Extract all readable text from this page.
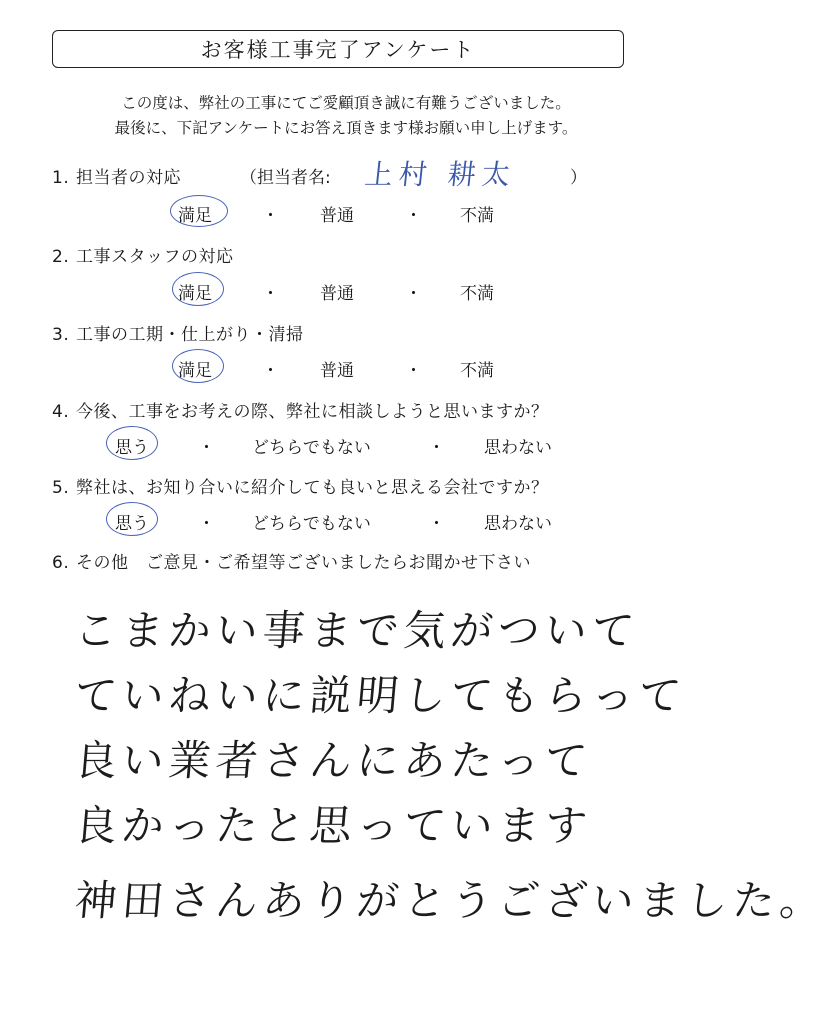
お客様工事完了アンケート
この度は、弊社の工事にてご愛顧頂き誠に有難うございました。
最後に、下記アンケートにお答え頂きます様お願い申し上げます。
1. 担当者の対応	（担当者名: 上村 耕太	）
満足	・ 普通	・ 不満
2. 工事スタッフの対応
満足	・ 普通	・ 不満
3. 工事の工期・仕上がり・清掃
満足	・ 普通	・ 不満
4. 今後、工事をお考えの際、弊社に相談しようと思いますか？
思う	・ どちらでもない	・ 思わない
5. 弊社は、お知り合いに紹介しても良いと思える会社ですか？
思う	・ どちらでもない	・ 思わない
6. その他　ご意見・ご希望等ございましたらお聞かせ下さい
こまかい事まで気がついて
ていねいに説明してもらって
良い業者さんにあたって
良かったと思っています
神田さんありがとうございました。
